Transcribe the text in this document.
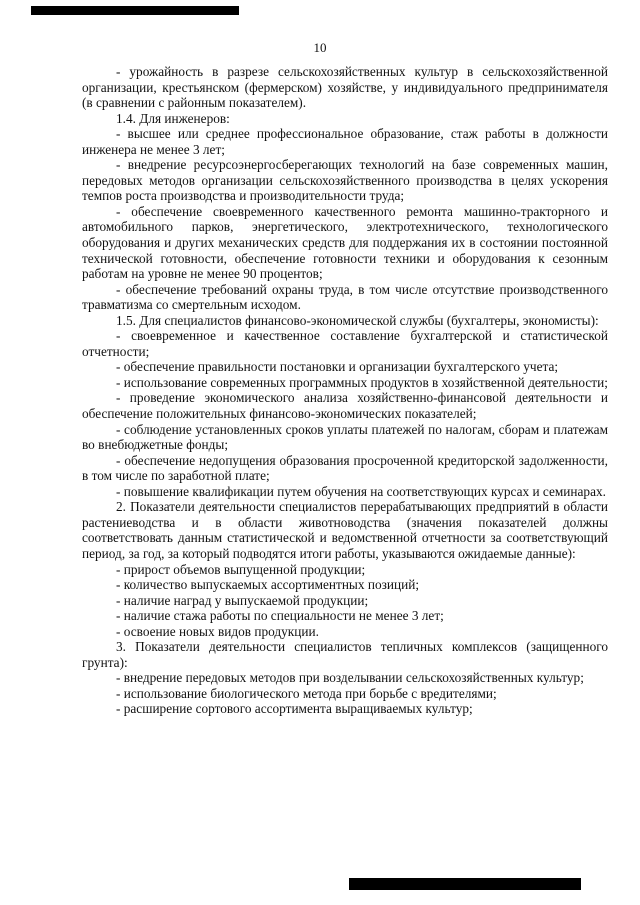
10

- урожайность в разрезе сельскохозяйственных культур в сельскохозяйственной организации, крестьянском (фермерском) хозяйстве, у индивидуального предпринимателя (в сравнении с районным показателем).

1.4. Для инженеров:

- высшее или среднее профессиональное образование, стаж работы в должности инженера не менее 3 лет;

- внедрение ресурсоэнергосберегающих технологий на базе современных машин, передовых методов организации сельскохозяйственного производства в целях ускорения темпов роста производства и производительности труда;

- обеспечение своевременного качественного ремонта машинно-тракторного и автомобильного парков, энергетического, электротехнического, технологического оборудования и других механических средств для поддержания их в состоянии постоянной технической готовности, обеспечение готовности техники и оборудования к сезонным работам на уровне не менее 90 процентов;

- обеспечение требований охраны труда, в том числе отсутствие производственного травматизма со смертельным исходом.

1.5. Для специалистов финансово-экономической службы (бухгалтеры, экономисты):

- своевременное и качественное составление бухгалтерской и статистической отчетности;

- обеспечение правильности постановки и организации бухгалтерского учета;

- использование современных программных продуктов в хозяйственной деятельности;

- проведение экономического анализа хозяйственно-финансовой деятельности и обеспечение положительных финансово-экономических показателей;

- соблюдение установленных сроков уплаты платежей по налогам, сборам и платежам во внебюджетные фонды;

- обеспечение недопущения образования просроченной кредиторской задолженности, в том числе по заработной плате;

- повышение квалификации путем обучения на соответствующих курсах и семинарах.

2. Показатели деятельности специалистов перерабатывающих предприятий в области растениеводства и в области животноводства (значения показателей должны соответствовать данным статистической и ведомственной отчетности за соответствующий период, за год, за который подводятся итоги работы, указываются ожидаемые данные):

- прирост объемов выпущенной продукции;

- количество выпускаемых ассортиментных позиций;

- наличие наград у выпускаемой продукции;

- наличие стажа работы по специальности не менее 3 лет;

- освоение новых видов продукции.

3. Показатели деятельности специалистов тепличных комплексов (защищенного грунта):

- внедрение передовых методов при возделывании сельскохозяйственных культур;

- использование биологического метода при борьбе с вредителями;

- расширение сортового ассортимента выращиваемых культур;
